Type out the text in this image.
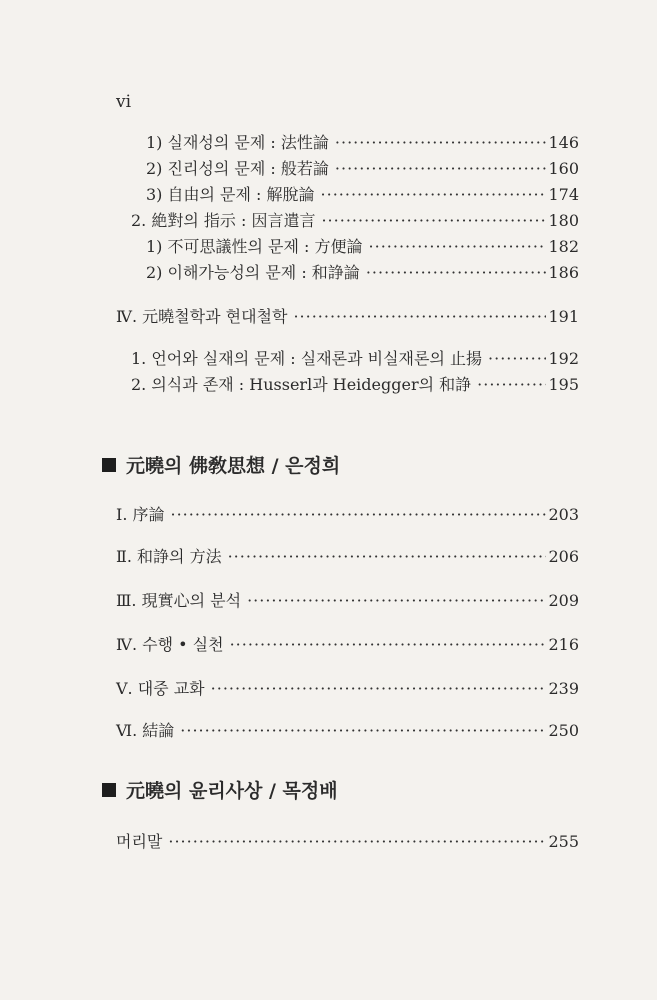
vi
1) 실재성의 문제 : 法性論 ·····	146
2) 진리성의 문제 : 般若論 ·····	160
3) 自由의 문제 : 解脫論 ·····	174
2. 絶對의 指示 : 因言遣言 ·····	180
1) 不可思議性의 문제 : 方便論 ·····	182
2) 이해가능성의 문제 : 和諍論 ·····	186
Ⅳ. 元曉철학과 현대철학 ·····	191
1. 언어와 실재의 문제 : 실재론과 비실재론의 止揚 ·····	192
2. 의식과 존재 : Husserl과 Heidegger의 和諍 ·····	195
元曉의 佛敎思想 / 은정희
Ⅰ. 序論 ·····	203
Ⅱ. 和諍의 方法 ·····	206
Ⅲ. 現實心의 분석 ·····	209
Ⅳ. 수행 • 실천 ·····	216
Ⅴ. 대중 교화 ·····	239
Ⅵ. 結論 ·····	250
元曉의 윤리사상 / 목정배
머리말 ·····	255
